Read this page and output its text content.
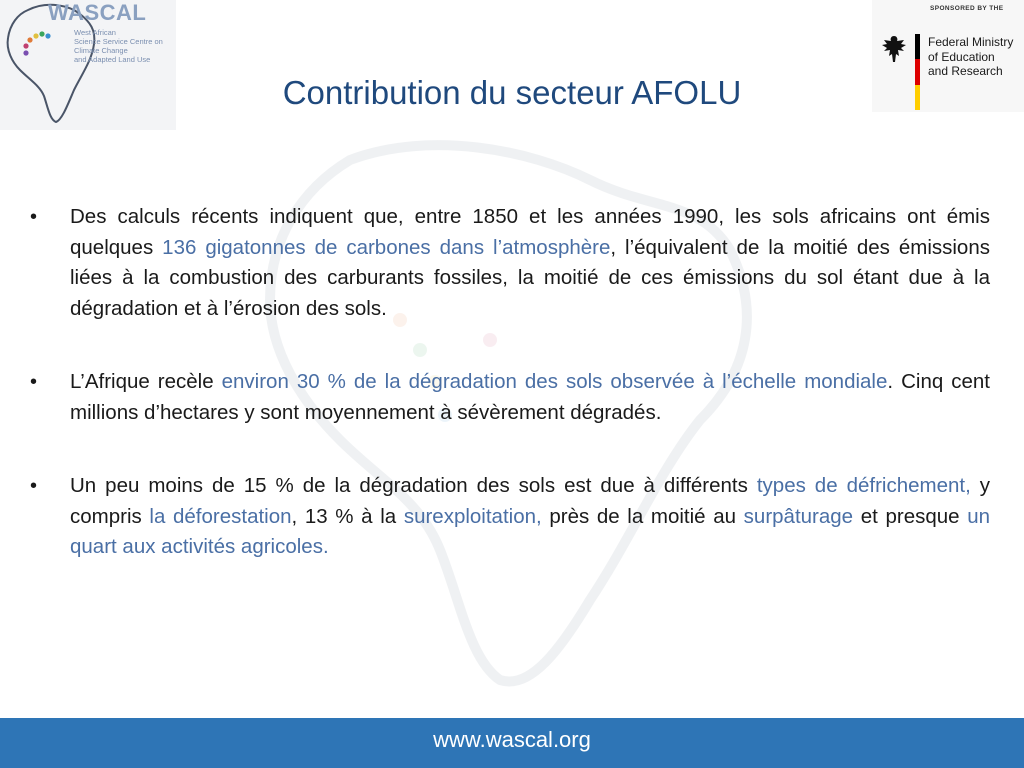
WASCAL
West African
Science Service Centre on
Climate Change
and Adapted Land Use
SPONSORED BY THE
Federal Ministry
of Education
and Research
Contribution du secteur AFOLU
• Des calculs récents indiquent que, entre 1850 et les années 1990, les sols africains ont émis quelques 136 gigatonnes de carbones dans l’atmosphère, l’équivalent de la moitié des émissions liées à la combustion des carburants fossiles, la moitié de ces émissions du sol étant due à la dégradation et à l’érosion des sols.
• L’Afrique recèle environ 30 % de la dégradation des sols observée à l’échelle mondiale. Cinq cent millions d’hectares y sont moyennement à sévèrement dégradés.
• Un peu moins de 15 % de la dégradation des sols est due à différents types de défrichement, y compris la déforestation, 13 % à la surexploitation, près de la moitié au surpâturage et presque un quart aux activités agricoles.
www.wascal.org
